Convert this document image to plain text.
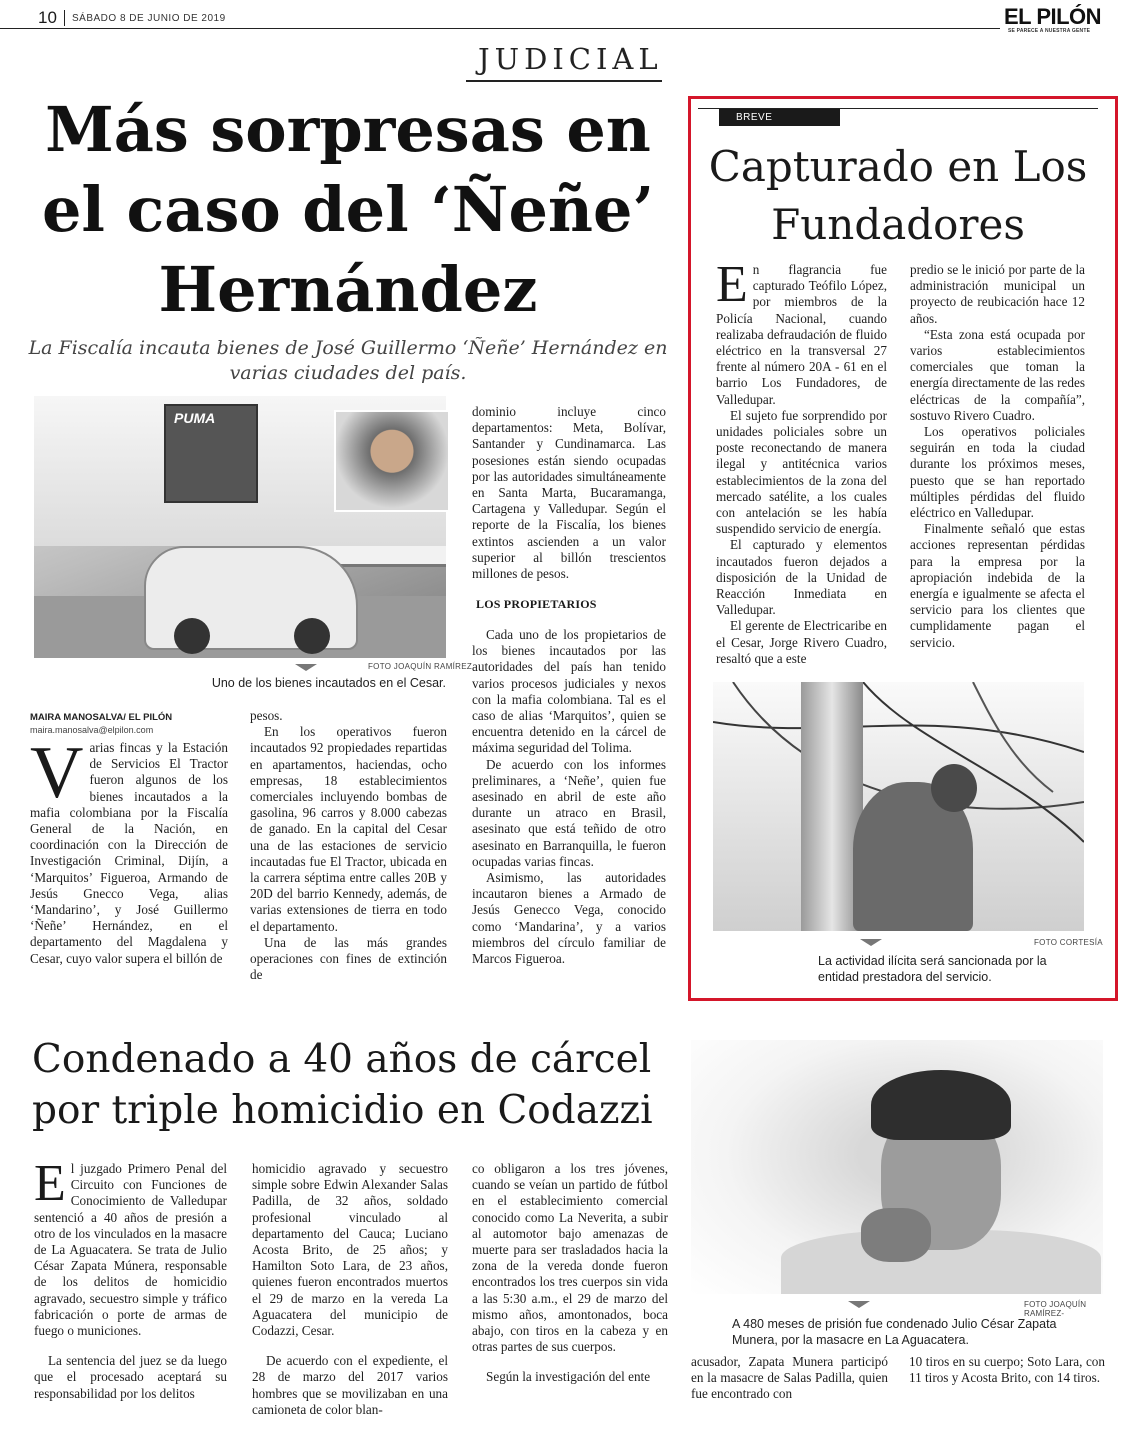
10 SÁBADO 8 DE JUNIO DE 2019	EL PILÓN
SE PARECE A NUESTRA GENTE
JUDICIAL
Más sorpresas en el caso del ‘Ñeñe’ Hernández
La Fiscalía incauta bienes de José Guillermo ‘Ñeñe’ Hernández en varias ciudades del país.
PUMA
FOTO JOAQUÍN RAMÍREZ
Uno de los bienes incautados en el Cesar.
MAIRA MANOSALVA/ EL PILÓN
maira.manosalva@elpilon.com
V arias fincas y la Estación de Servicios El Tractor fueron algunos de los bienes incautados a la mafia colombiana por la Fiscalía General de la Nación, en coordinación con la Dirección de Investigación Criminal, Dijín, a ‘Marquitos’ Figueroa, Armando de Jesús Gnecco Vega, alias ‘Mandarino’, y José Guillermo ‘Ñeñe’ Hernández, en el departamento del Magdalena y Cesar, cuyo valor supera el billón de

pesos.

En los operativos fueron incautados 92 propiedades repartidas en apartamentos, haciendas, ocho empresas, 18 establecimientos comerciales incluyendo bombas de gasolina, 96 carros y 8.000 cabezas de ganado. En la capital del Cesar una de las estaciones de servicio incautadas fue El Tractor, ubicada en la carrera séptima entre calles 20B y 20D del barrio Kennedy, además, de varias extensiones de tierra en todo el departamento.

Una de las más grandes operaciones con fines de extinción de

dominio incluye cinco departamentos: Meta, Bolívar, Santander y Cundinamarca. Las posesiones están siendo ocupadas por las autoridades simultáneamente en Santa Marta, Bucaramanga, Cartagena y Valledupar. Según el reporte de la Fiscalía, los bienes extintos ascienden a un valor superior al billón trescientos millones de pesos.

LOS PROPIETARIOS

Cada uno de los propietarios de los bienes incautados por las autoridades del país han tenido varios procesos judiciales y nexos con la mafia colombiana. Tal es el caso de alias ‘Marquitos’, quien se encuentra detenido en la cárcel de máxima seguridad del Tolima.

De acuerdo con los informes preliminares, a ‘Neñe’, quien fue asesinado en abril de este año durante un atraco en Brasil, asesinato que está teñido de otro asesinato en Barranquilla, le fueron ocupadas varias fincas.

Asimismo, las autoridades incautaron bienes a Armado de Jesús Genecco Vega, conocido como ‘Mandarina’, y a varios miembros del círculo familiar de Marcos Figueroa.

BREVE
Capturado en Los Fundadores
E n flagrancia fue capturado Teófilo López, por miembros de la Policía Nacional, cuando realizaba defraudación de fluido eléctrico en la transversal 27 frente al número 20A - 61 en el barrio Los Fundadores, de Valledupar.

El sujeto fue sorprendido por unidades policiales sobre un poste reconectando de manera ilegal y antitécnica varios establecimientos de la zona del mercado satélite, a los cuales con antelación se les había suspendido servicio de energía.

El capturado y elementos incautados fueron dejados a disposición de la Unidad de Reacción Inmediata en Valledupar.

El gerente de Electricaribe en el Cesar, Jorge Rivero Cuadro, resaltó que a este

predio se le inició por parte de la administración municipal un proyecto de reubicación hace 12 años.

“Esta zona está ocupada por varios establecimientos comerciales que toman la energía directamente de las redes eléctricas de la compañía”, sostuvo Rivero Cuadro.

Los operativos policiales seguirán en toda la ciudad durante los próximos meses, puesto que se han reportado múltiples pérdidas del fluido eléctrico en Valledupar.

Finalmente señaló que estas acciones representan pérdidas para la empresa por la apropiación indebida de la energía e igualmente se afecta el servicio para los clientes que cumplidamente pagan el servicio.

FOTO CORTESÍA
La actividad ilícita será sancionada por la entidad prestadora del servicio.
Condenado a 40 años de cárcel por triple homicidio en Codazzi
E l juzgado Primero Penal del Circuito con Funciones de Conocimiento de Valledupar sentenció a 40 años de presión a otro de los vinculados en la masacre de La Aguacatera. Se trata de Julio César Zapata Múnera, responsable de los delitos de homicidio agravado, secuestro simple y tráfico fabricación o porte de armas de fuego o municiones.

La sentencia del juez se da luego que el procesado aceptará su responsabilidad por los delitos

homicidio agravado y secuestro simple sobre Edwin Alexander Salas Padilla, de 32 años, soldado profesional vinculado al departamento del Cauca; Luciano Acosta Brito, de 25 años; y Hamilton Soto Lara, de 23 años, quienes fueron encontrados muertos el 29 de marzo en la vereda La Aguacatera del municipio de Codazzi, Cesar.

De acuerdo con el expediente, el 28 de marzo del 2017 varios hombres que se movilizaban en una camioneta de color blan-

co obligaron a los tres jóvenes, cuando se veían un partido de fútbol en el establecimiento comercial conocido como La Neverita, a subir al automotor bajo amenazas de muerte para ser trasladados hacia la zona de la vereda donde fueron encontrados los tres cuerpos sin vida a las 5:30 a.m., el 29 de marzo del mismo años, amontonados, boca abajo, con tiros en la cabeza y en otras partes de sus cuerpos.

Según la investigación del ente

FOTO JOAQUÍN RAMÍREZ-
A 480 meses de prisión fue condenado Julio César Zapata Munera, por la masacre en La Aguacatera.

acusador, Zapata Munera participó en la masacre de Salas Padilla, quien fue encontrado con

10 tiros en su cuerpo; Soto Lara, con 11 tiros y Acosta Brito, con 14 tiros.
